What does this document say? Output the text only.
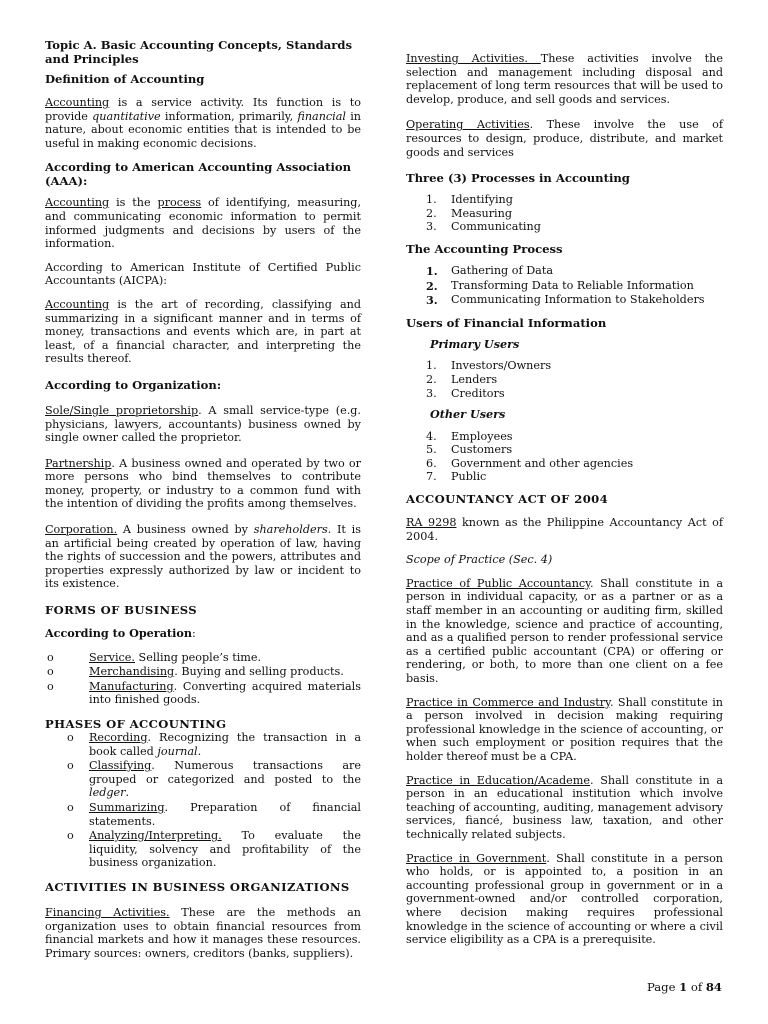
Topic A. Basic Accounting Concepts, Standards and Principles

Definition of Accounting

Accounting is a service activity. Its function is to provide quantitative information, primarily, financial in nature, about economic entities that is intended to be useful in making economic decisions.

According to American Accounting Association (AAA):

Accounting is the process of identifying, measuring, and communicating economic information to permit informed judgments and decisions by users of the information.

According to American Institute of Certified Public Accountants (AICPA):

Accounting is the art of recording, classifying and summarizing in a significant manner and in terms of money, transactions and events which are, in part at least, of a financial character, and interpreting the results thereof.

According to Organization:

Sole/Single proprietorship. A small service-type (e.g. physicians, lawyers, accountants) business owned by single owner called the proprietor.

Partnership. A business owned and operated by two or more persons who bind themselves to contribute money, property, or industry to a common fund with the intention of dividing the profits among themselves.

Corporation. A business owned by shareholders. It is an artificial being created by operation of law, having the rights of succession and the powers, attributes and properties expressly authorized by law or incident to its existence.

FORMS OF BUSINESS

According to Operation:

o	Service. Selling people’s time.
o	Merchandising. Buying and selling products.
o	Manufacturing. Converting acquired materials into finished goods.

PHASES OF ACCOUNTING

o Recording. Recognizing the transaction in a book called journal.
o Classifying. Numerous transactions are grouped or categorized and posted to the ledger.
o Summarizing. Preparation of financial statements.
o Analyzing/Interpreting. To evaluate the liquidity, solvency and profitability of the business organization.

ACTIVITIES IN BUSINESS ORGANIZATIONS

Financing Activities. These are the methods an organization uses to obtain financial resources from financial markets and how it manages these resources. Primary sources: owners, creditors (banks, suppliers).

Investing Activities. These activities involve the selection and management including disposal and replacement of long term resources that will be used to develop, produce, and sell goods and services.

Operating Activities. These involve the use of resources to design, produce, distribute, and market goods and services

Three (3) Processes in Accounting

1.	Identifying
2.	Measuring
3.	Communicating

The Accounting Process

1.	Gathering of Data
2.	Transforming Data to Reliable Information
3.	Communicating Information to Stakeholders

Users of Financial Information

Primary Users

1.	Investors/Owners
2.	Lenders
3.	Creditors

Other Users

4.	Employees
5.	Customers
6.	Government and other agencies
7.	Public

ACCOUNTANCY ACT OF 2004

RA 9298 known as the Philippine Accountancy Act of 2004.

Scope of Practice (Sec. 4)

Practice of Public Accountancy. Shall constitute in a person in individual capacity, or as a partner or as a staff member in an accounting or auditing firm, skilled in the knowledge, science and practice of accounting, and as a qualified person to render professional service as a certified public accountant (CPA) or offering or rendering, or both, to more than one client on a fee basis.

Practice in Commerce and Industry. Shall constitute in a person involved in decision making requiring professional knowledge in the science of accounting, or when such employment or position requires that the holder thereof must be a CPA.

Practice in Education/Academe. Shall constitute in a person in an educational institution which involve teaching of accounting, auditing, management advisory services, fiancé, business law, taxation, and other technically related subjects.

Practice in Government. Shall constitute in a person who holds, or is appointed to, a position in an accounting professional group in government or in a government-owned and/or controlled corporation, where decision making requires professional knowledge in the science of accounting or where a civil service eligibility as a CPA is a prerequisite.

Page 1 of 84
